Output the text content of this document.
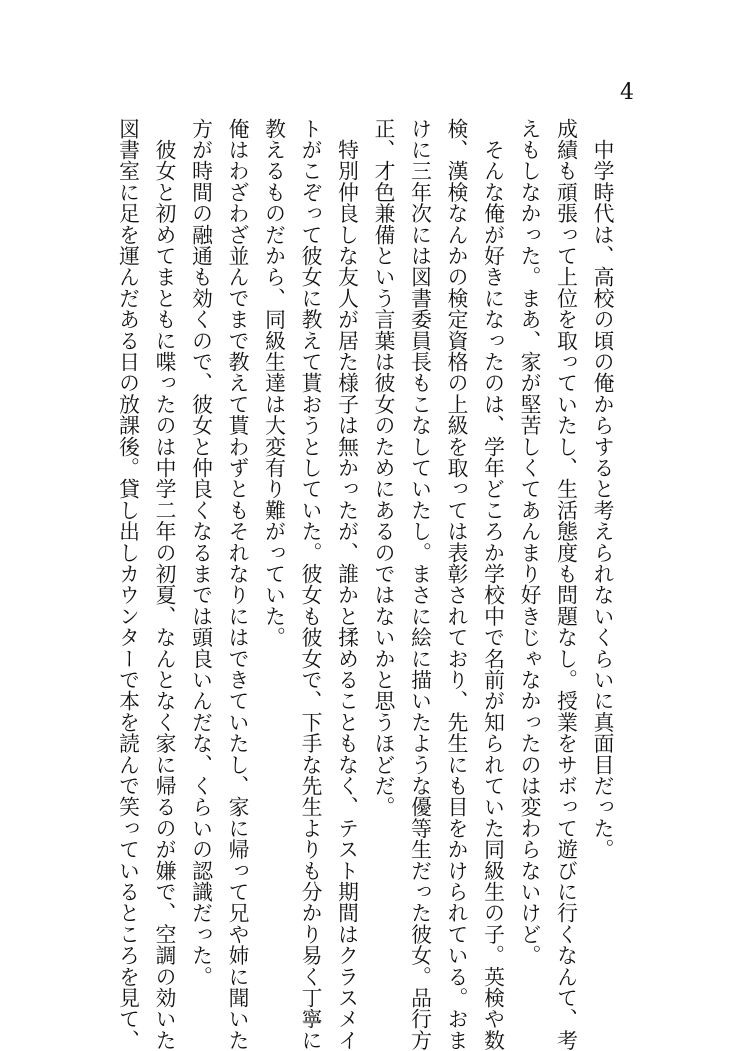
4
　中学時代は、高校の頃の俺からすると考えられないくらいに真面目だった。
成績も頑張って上位を取っていたし、生活態度も問題なし。授業をサボって遊びに行くなんて、考
えもしなかった。まあ、家が堅苦しくてあんまり好きじゃなかったのは変わらないけど。
　そんな俺が好きになったのは、学年どころか学校中で名前が知られていた同級生の子。英検や数
検、漢検なんかの検定資格の上級を取っては表彰されており、先生にも目をかけられている。おま
けに三年次には図書委員長もこなしていたし。まさに絵に描いたような優等生だった彼女。品行方
正、才色兼備という言葉は彼女のためにあるのではないかと思うほどだ。
　特別仲良しな友人が居た様子は無かったが、誰かと揉めることもなく、テスト期間はクラスメイ
トがこぞって彼女に教えて貰おうとしていた。彼女も彼女で、下手な先生よりも分かり易く丁寧に
教えるものだから、同級生達は大変有り難がっていた。
俺はわざわざ並んでまで教えて貰わずともそれなりにはできていたし、家に帰って兄や姉に聞いた
方が時間の融通も効くので、彼女と仲良くなるまでは頭良いんだな、くらいの認識だった。
　彼女と初めてまともに喋ったのは中学二年の初夏、なんとなく家に帰るのが嫌で、空調の効いた
図書室に足を運んだある日の放課後。貸し出しカウンターで本を読んで笑っているところを見て、
